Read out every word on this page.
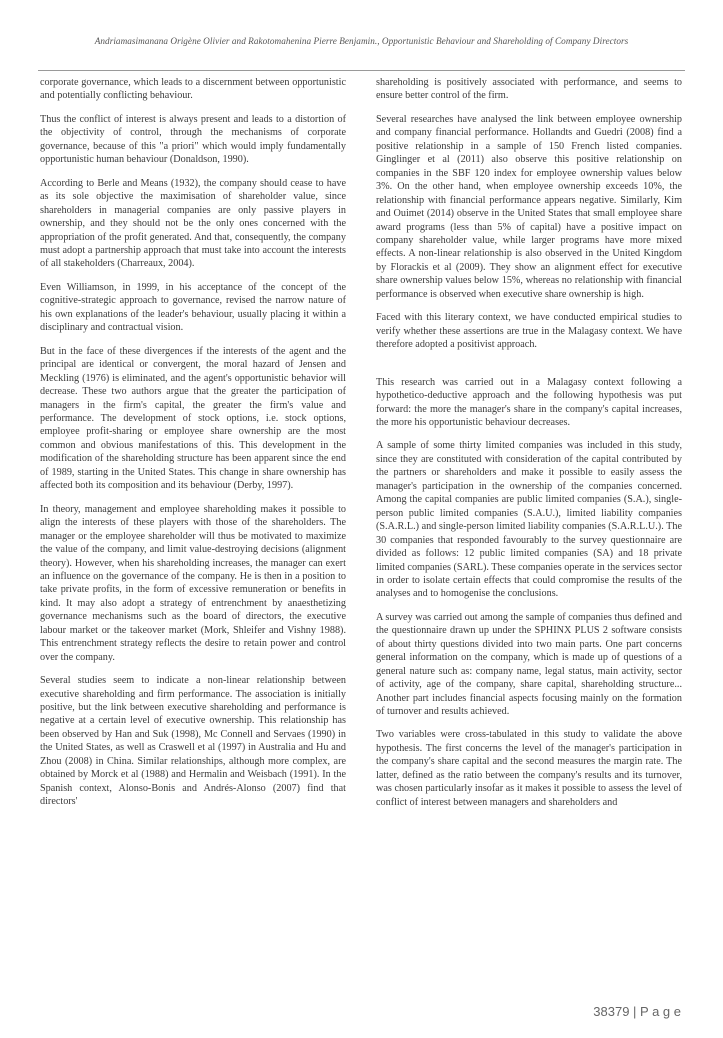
Andriamasimanana Origène Olivier and Rakotomahenina Pierre Benjamin., Opportunistic Behaviour and Shareholding of Company Directors

corporate governance, which leads to a discernment between opportunistic and potentially conflicting behaviour.

Thus the conflict of interest is always present and leads to a distortion of the objectivity of control, through the mechanisms of corporate governance, because of this "a priori" which would imply fundamentally opportunistic human behaviour (Donaldson, 1990).

According to Berle and Means (1932), the company should cease to have as its sole objective the maximisation of shareholder value, since shareholders in managerial companies are only passive players in ownership, and they should not be the only ones concerned with the appropriation of the profit generated. And that, consequently, the company must adopt a partnership approach that must take into account the interests of all stakeholders (Charreaux, 2004).

Even Williamson, in 1999, in his acceptance of the concept of the cognitive-strategic approach to governance, revised the narrow nature of his own explanations of the leader's behaviour, usually placing it within a disciplinary and contractual vision.

But in the face of these divergences if the interests of the agent and the principal are identical or convergent, the moral hazard of Jensen and Meckling (1976) is eliminated, and the agent's opportunistic behavior will decrease. These two authors argue that the greater the participation of managers in the firm's capital, the greater the firm's value and performance. The development of stock options, i.e. stock options, employee profit-sharing or employee share ownership are the most common and obvious manifestations of this. This development in the modification of the shareholding structure has been apparent since the end of 1989, starting in the United States. This change in share ownership has affected both its composition and its behaviour (Derby, 1997).

In theory, management and employee shareholding makes it possible to align the interests of these players with those of the shareholders. The manager or the employee shareholder will thus be motivated to maximize the value of the company, and limit value-destroying decisions (alignment theory). However, when his shareholding increases, the manager can exert an influence on the governance of the company. He is then in a position to take private profits, in the form of excessive remuneration or benefits in kind. It may also adopt a strategy of entrenchment by anaesthetizing governance mechanisms such as the board of directors, the executive labour market or the takeover market (Mork, Shleifer and Vishny 1988). This entrenchment strategy reflects the desire to retain power and control over the company.

Several studies seem to indicate a non-linear relationship between executive shareholding and firm performance. The association is initially positive, but the link between executive shareholding and performance is negative at a certain level of executive ownership. This relationship has been observed by Han and Suk (1998), Mc Connell and Servaes (1990) in the United States, as well as Craswell et al (1997) in Australia and Hu and Zhou (2008) in China. Similar relationships, although more complex, are obtained by Morck et al (1988) and Hermalin and Weisbach (1991). In the Spanish context, Alonso-Bonis and Andrés-Alonso (2007) find that directors'

shareholding is positively associated with performance, and seems to ensure better control of the firm.

Several researches have analysed the link between employee ownership and company financial performance. Hollandts and Guedri (2008) find a positive relationship in a sample of 150 French listed companies. Ginglinger et al (2011) also observe this positive relationship on companies in the SBF 120 index for employee ownership values below 3%. On the other hand, when employee ownership exceeds 10%, the relationship with financial performance appears negative. Similarly, Kim and Ouimet (2014) observe in the United States that small employee share award programs (less than 5% of capital) have a positive impact on company shareholder value, while larger programs have more mixed effects. A non-linear relationship is also observed in the United Kingdom by Florackis et al (2009). They show an alignment effect for executive share ownership values below 15%, whereas no relationship with financial performance is observed when executive share ownership is high.

Faced with this literary context, we have conducted empirical studies to verify whether these assertions are true in the Malagasy context. We have therefore adopted a positivist approach.

This research was carried out in a Malagasy context following a hypothetico-deductive approach and the following hypothesis was put forward: the more the manager's share in the company's capital increases, the more his opportunistic behaviour decreases.

A sample of some thirty limited companies was included in this study, since they are constituted with consideration of the capital contributed by the partners or shareholders and make it possible to easily assess the manager's participation in the ownership of the companies concerned. Among the capital companies are public limited companies (S.A.), single-person public limited companies (S.A.U.), limited liability companies (S.A.R.L.) and single-person limited liability companies (S.A.R.L.U.). The 30 companies that responded favourably to the survey questionnaire are divided as follows: 12 public limited companies (SA) and 18 private limited companies (SARL). These companies operate in the services sector in order to isolate certain effects that could compromise the results of the analyses and to homogenise the conclusions.

A survey was carried out among the sample of companies thus defined and the questionnaire drawn up under the SPHINX PLUS 2 software consists of about thirty questions divided into two main parts. One part concerns general information on the company, which is made up of questions of a general nature such as: company name, legal status, main activity, sector of activity, age of the company, share capital, shareholding structure... Another part includes financial aspects focusing mainly on the formation of turnover and results achieved.

Two variables were cross-tabulated in this study to validate the above hypothesis. The first concerns the level of the manager's participation in the company's share capital and the second measures the margin rate. The latter, defined as the ratio between the company's results and its turnover, was chosen particularly insofar as it makes it possible to assess the level of conflict of interest between managers and shareholders and

38379 | P a g e
